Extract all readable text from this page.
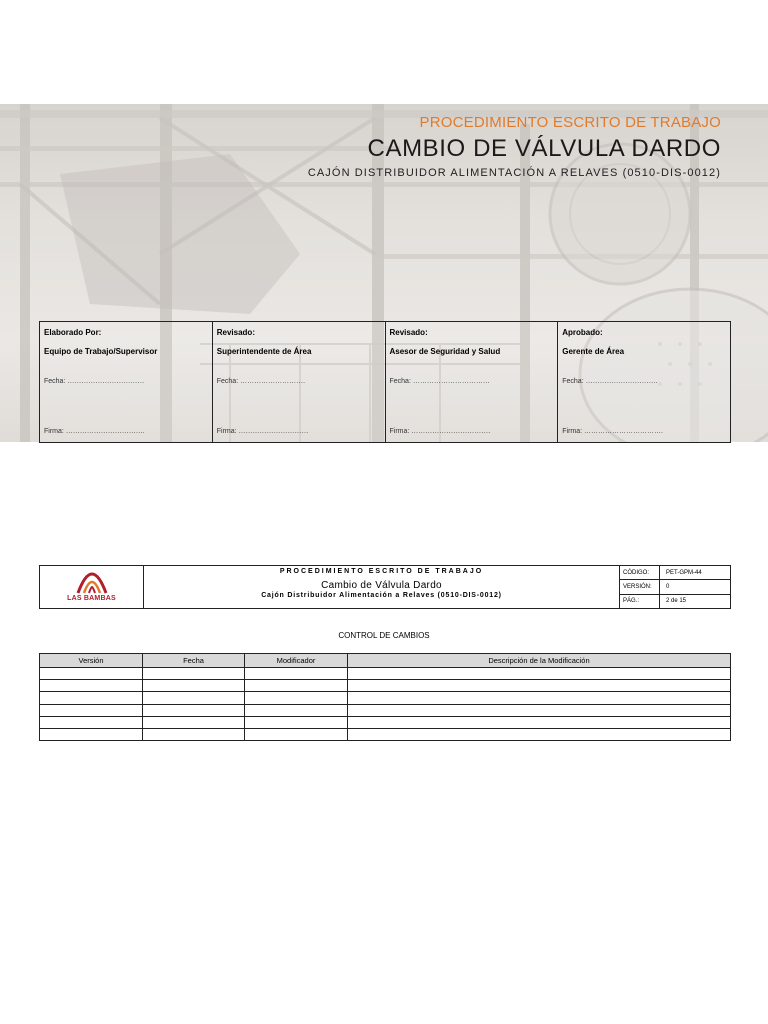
PROCEDIMIENTO ESCRITO DE TRABAJO
CAMBIO DE VÁLVULA DARDO
CAJÓN DISTRIBUIDOR ALIMENTACIÓN A RELAVES (0510-DIS-0012)
Elaborado Por:
Equipo de Trabajo/Supervisor
Fecha: ……………………………
Firma: …………………………….
Revisado:
Superintendente de Área
Fecha: ……………………….
Firma: …………………………
Revisado:
Asesor de Seguridad y Salud
Fecha: ……………………………
Firma: …………………………….
Aprobado:
Gerente de Área
Fecha: ………………………….
Firma: …………………………….
LAS BAMBAS
PROCEDIMIENTO ESCRITO DE TRABAJO
Cambio de Válvula Dardo
Cajón Distribuidor Alimentación a Relaves (0510-DIS-0012)
CÓDIGO:	PET-GPM-44
VERSIÓN:	0
PÁG.:	2 de 15
CONTROL DE CAMBIOS
Versión	Fecha	Modificador	Descripción de la Modificación
